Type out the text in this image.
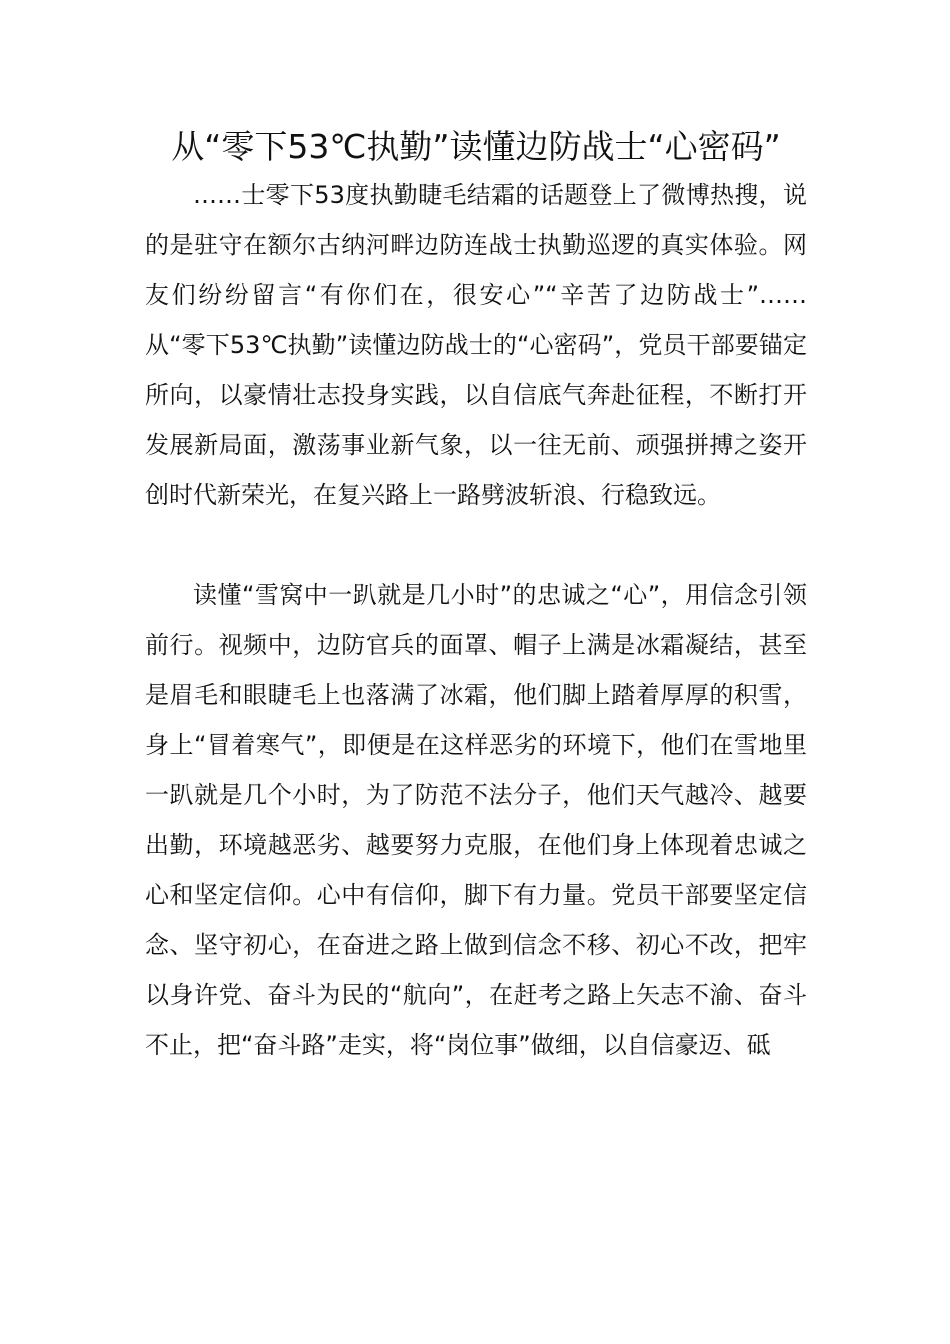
从“零下53℃执勤”读懂边防战士“心密码”

……士零下53度执勤睫毛结霜的话题登上了微博热搜，说的是驻守在额尔古纳河畔边防连战士执勤巡逻的真实体验。网友们纷纷留言“有你们在，很安心”“辛苦了边防战士”……从“零下53℃执勤”读懂边防战士的“心密码”，党员干部要锚定所向，以豪情壮志投身实践，以自信底气奔赴征程，不断打开发展新局面，激荡事业新气象，以一往无前、顽强拼搏之姿开创时代新荣光，在复兴路上一路劈波斩浪、行稳致远。

读懂“雪窝中一趴就是几小时”的忠诚之“心”，用信念引领前行。视频中，边防官兵的面罩、帽子上满是冰霜凝结，甚至是眉毛和眼睫毛上也落满了冰霜，他们脚上踏着厚厚的积雪，身上“冒着寒气”，即便是在这样恶劣的环境下，他们在雪地里一趴就是几个小时，为了防范不法分子，他们天气越冷、越要出勤，环境越恶劣、越要努力克服，在他们身上体现着忠诚之心和坚定信仰。心中有信仰，脚下有力量。党员干部要坚定信念、坚守初心，在奋进之路上做到信念不移、初心不改，把牢以身许党、奋斗为民的“航向”，在赶考之路上矢志不渝、奋斗不止，把“奋斗路”走实，将“岗位事”做细，以自信豪迈、砥
